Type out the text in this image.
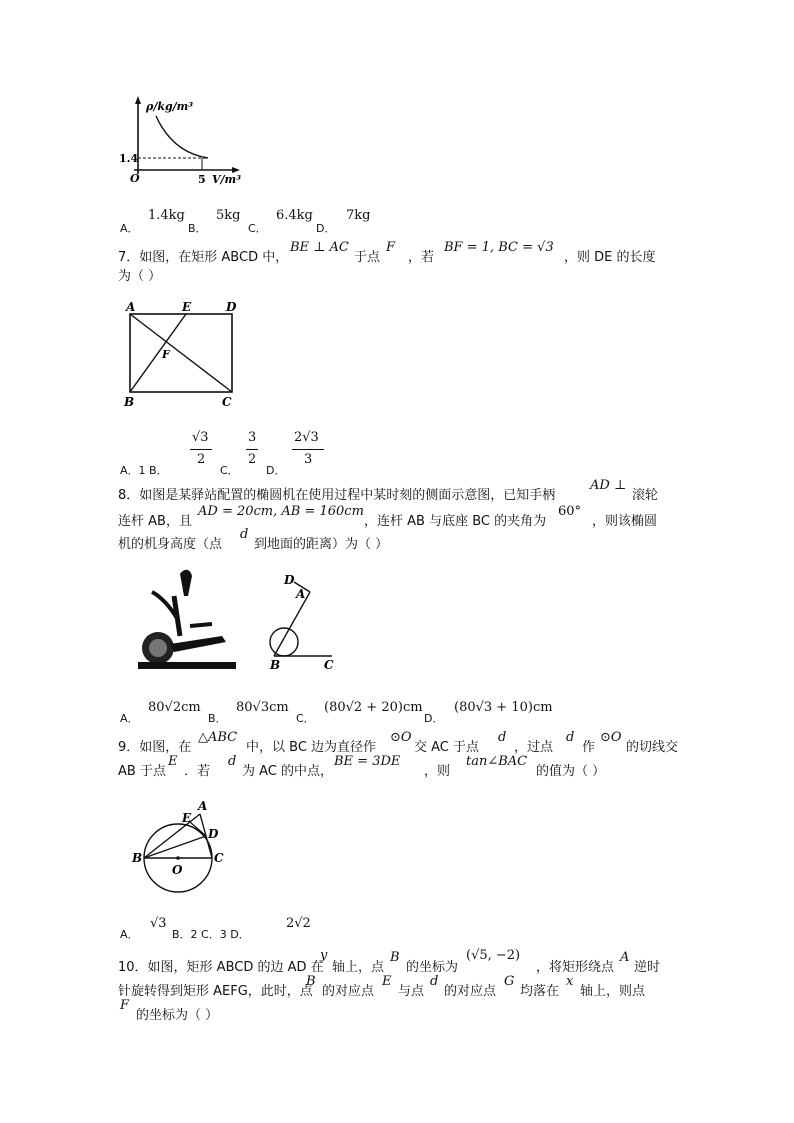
ρ/kg/m³
O
1.4
5 V/m³
A．
1.4kg
B．
5kg
C．
6.4kg
D．
7kg
7．如图，在矩形 ABCD 中，
BE ⊥ AC
于点
F
，若
BF = 1, BC = √3
，则 DE 的长度
为（ ）
A	E	D
F
B	C
A．1 B．
√3
2
C．
3
2
D．
2√3
3
8．如图是某驿站配置的椭圆机在使用过程中某时刻的侧面示意图，已知手柄
AD ⊥
滚轮
连杆 AB，且
AD = 20cm, AB = 160cm
，连杆 AB 与底座 BC 的夹角为
60°
，则该椭圆
机的机身高度（点
d
到地面的距离）为（ ）
D
A
B	C
A．
80√2cm
B．
80√3cm
C．
(80√2 + 20)cm
D．
(80√3 + 10)cm
9．如图，在
△ABC
中，以 BC 边为直径作
⊙O
交 AC 于点
d
，过点
d
作
⊙O
的切线交
AB 于点
E
．若
d
为 AC 的中点，
BE = 3DE
，则
tan∠BAC
的值为（ ）
E
A
D
B	C
O
A．
√3
B．2 C．3 D．
2√2
10．如图，矩形 ABCD 的边 AD 在
y
轴上，点
B
的坐标为
(√5, −2)
，将矩形绕点
A
逆时
针旋转得到矩形 AEFG，此时，点
B
的对应点
E
与点
d
的对应点
G
均落在
x
轴上，则点
F
的坐标为（ ）
